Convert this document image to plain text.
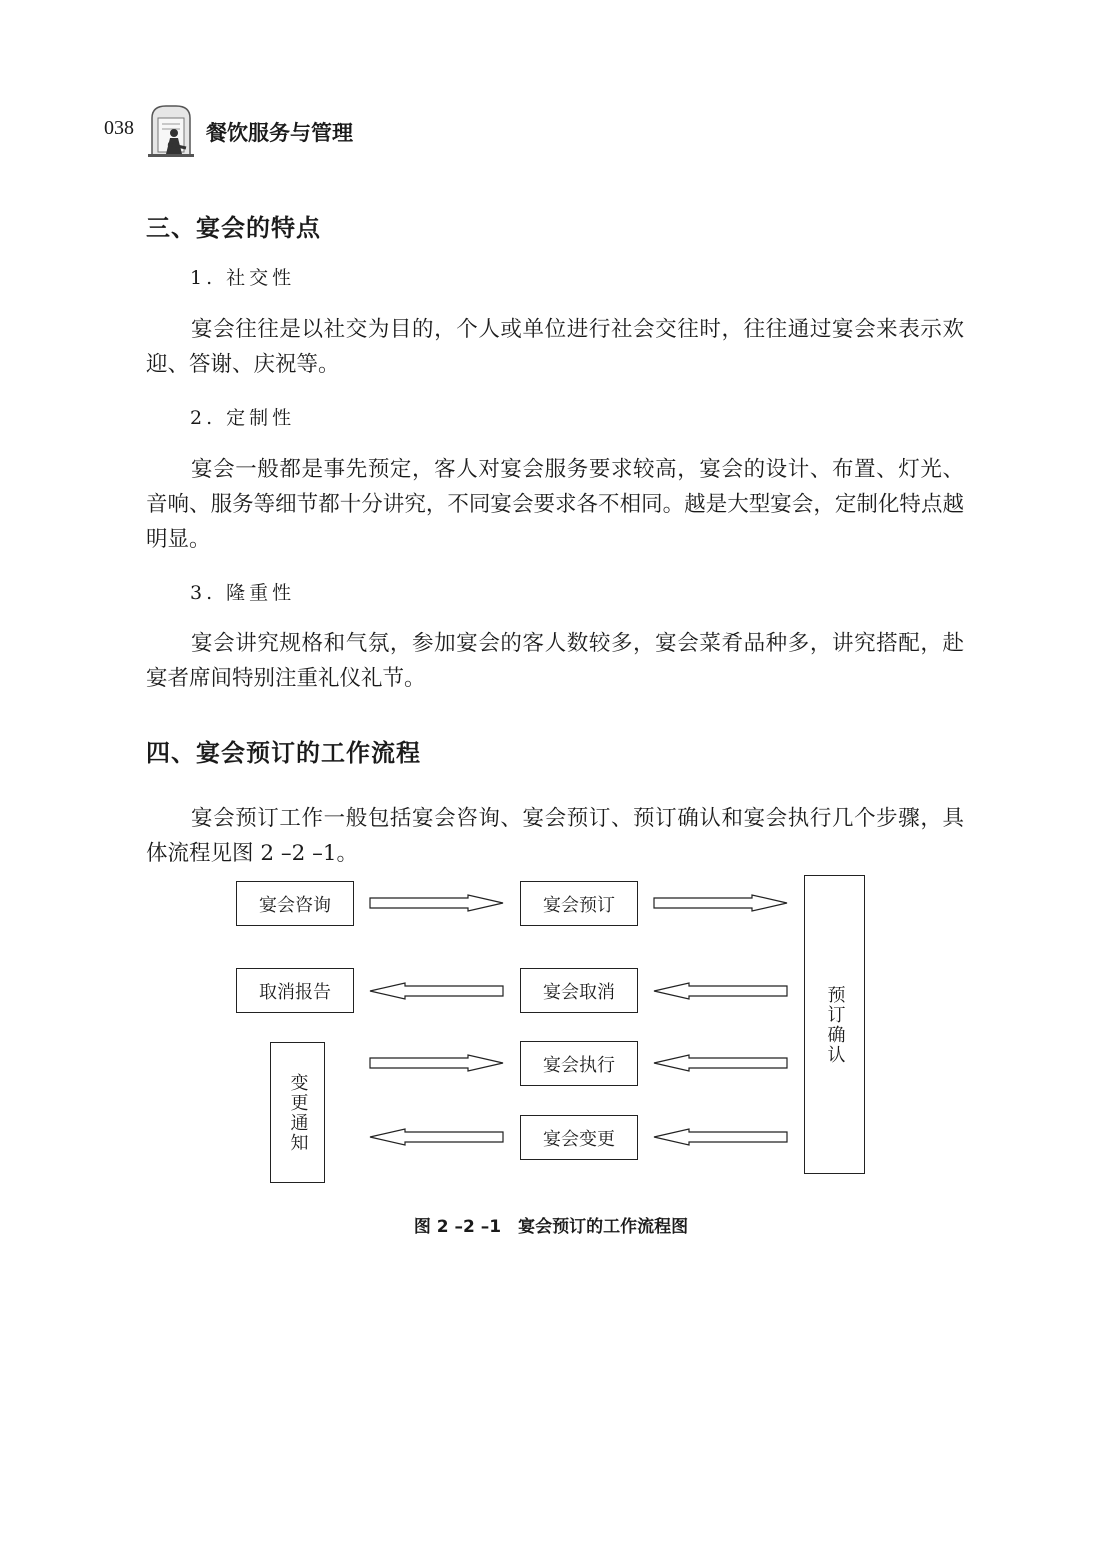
038	餐饮服务与管理
三、宴会的特点
1. 社交性
宴会往往是以社交为目的，个人或单位进行社会交往时，往往通过宴会来表示欢迎、答谢、庆祝等。
2. 定制性
宴会一般都是事先预定，客人对宴会服务要求较高，宴会的设计、布置、灯光、音响、服务等细节都十分讲究，不同宴会要求各不相同。越是大型宴会，定制化特点越明显。
3. 隆重性
宴会讲究规格和气氛，参加宴会的客人数较多，宴会菜肴品种多，讲究搭配，赴宴者席间特别注重礼仪礼节。
四、宴会预订的工作流程
宴会预订工作一般包括宴会咨询、宴会预订、预订确认和宴会执行几个步骤，具体流程见图 2 –2 –1。
宴会咨询	宴会预订
预订确认
取消报告	宴会取消
变更通知
宴会执行
宴会变更
图 2 –2 –1　宴会预订的工作流程图
